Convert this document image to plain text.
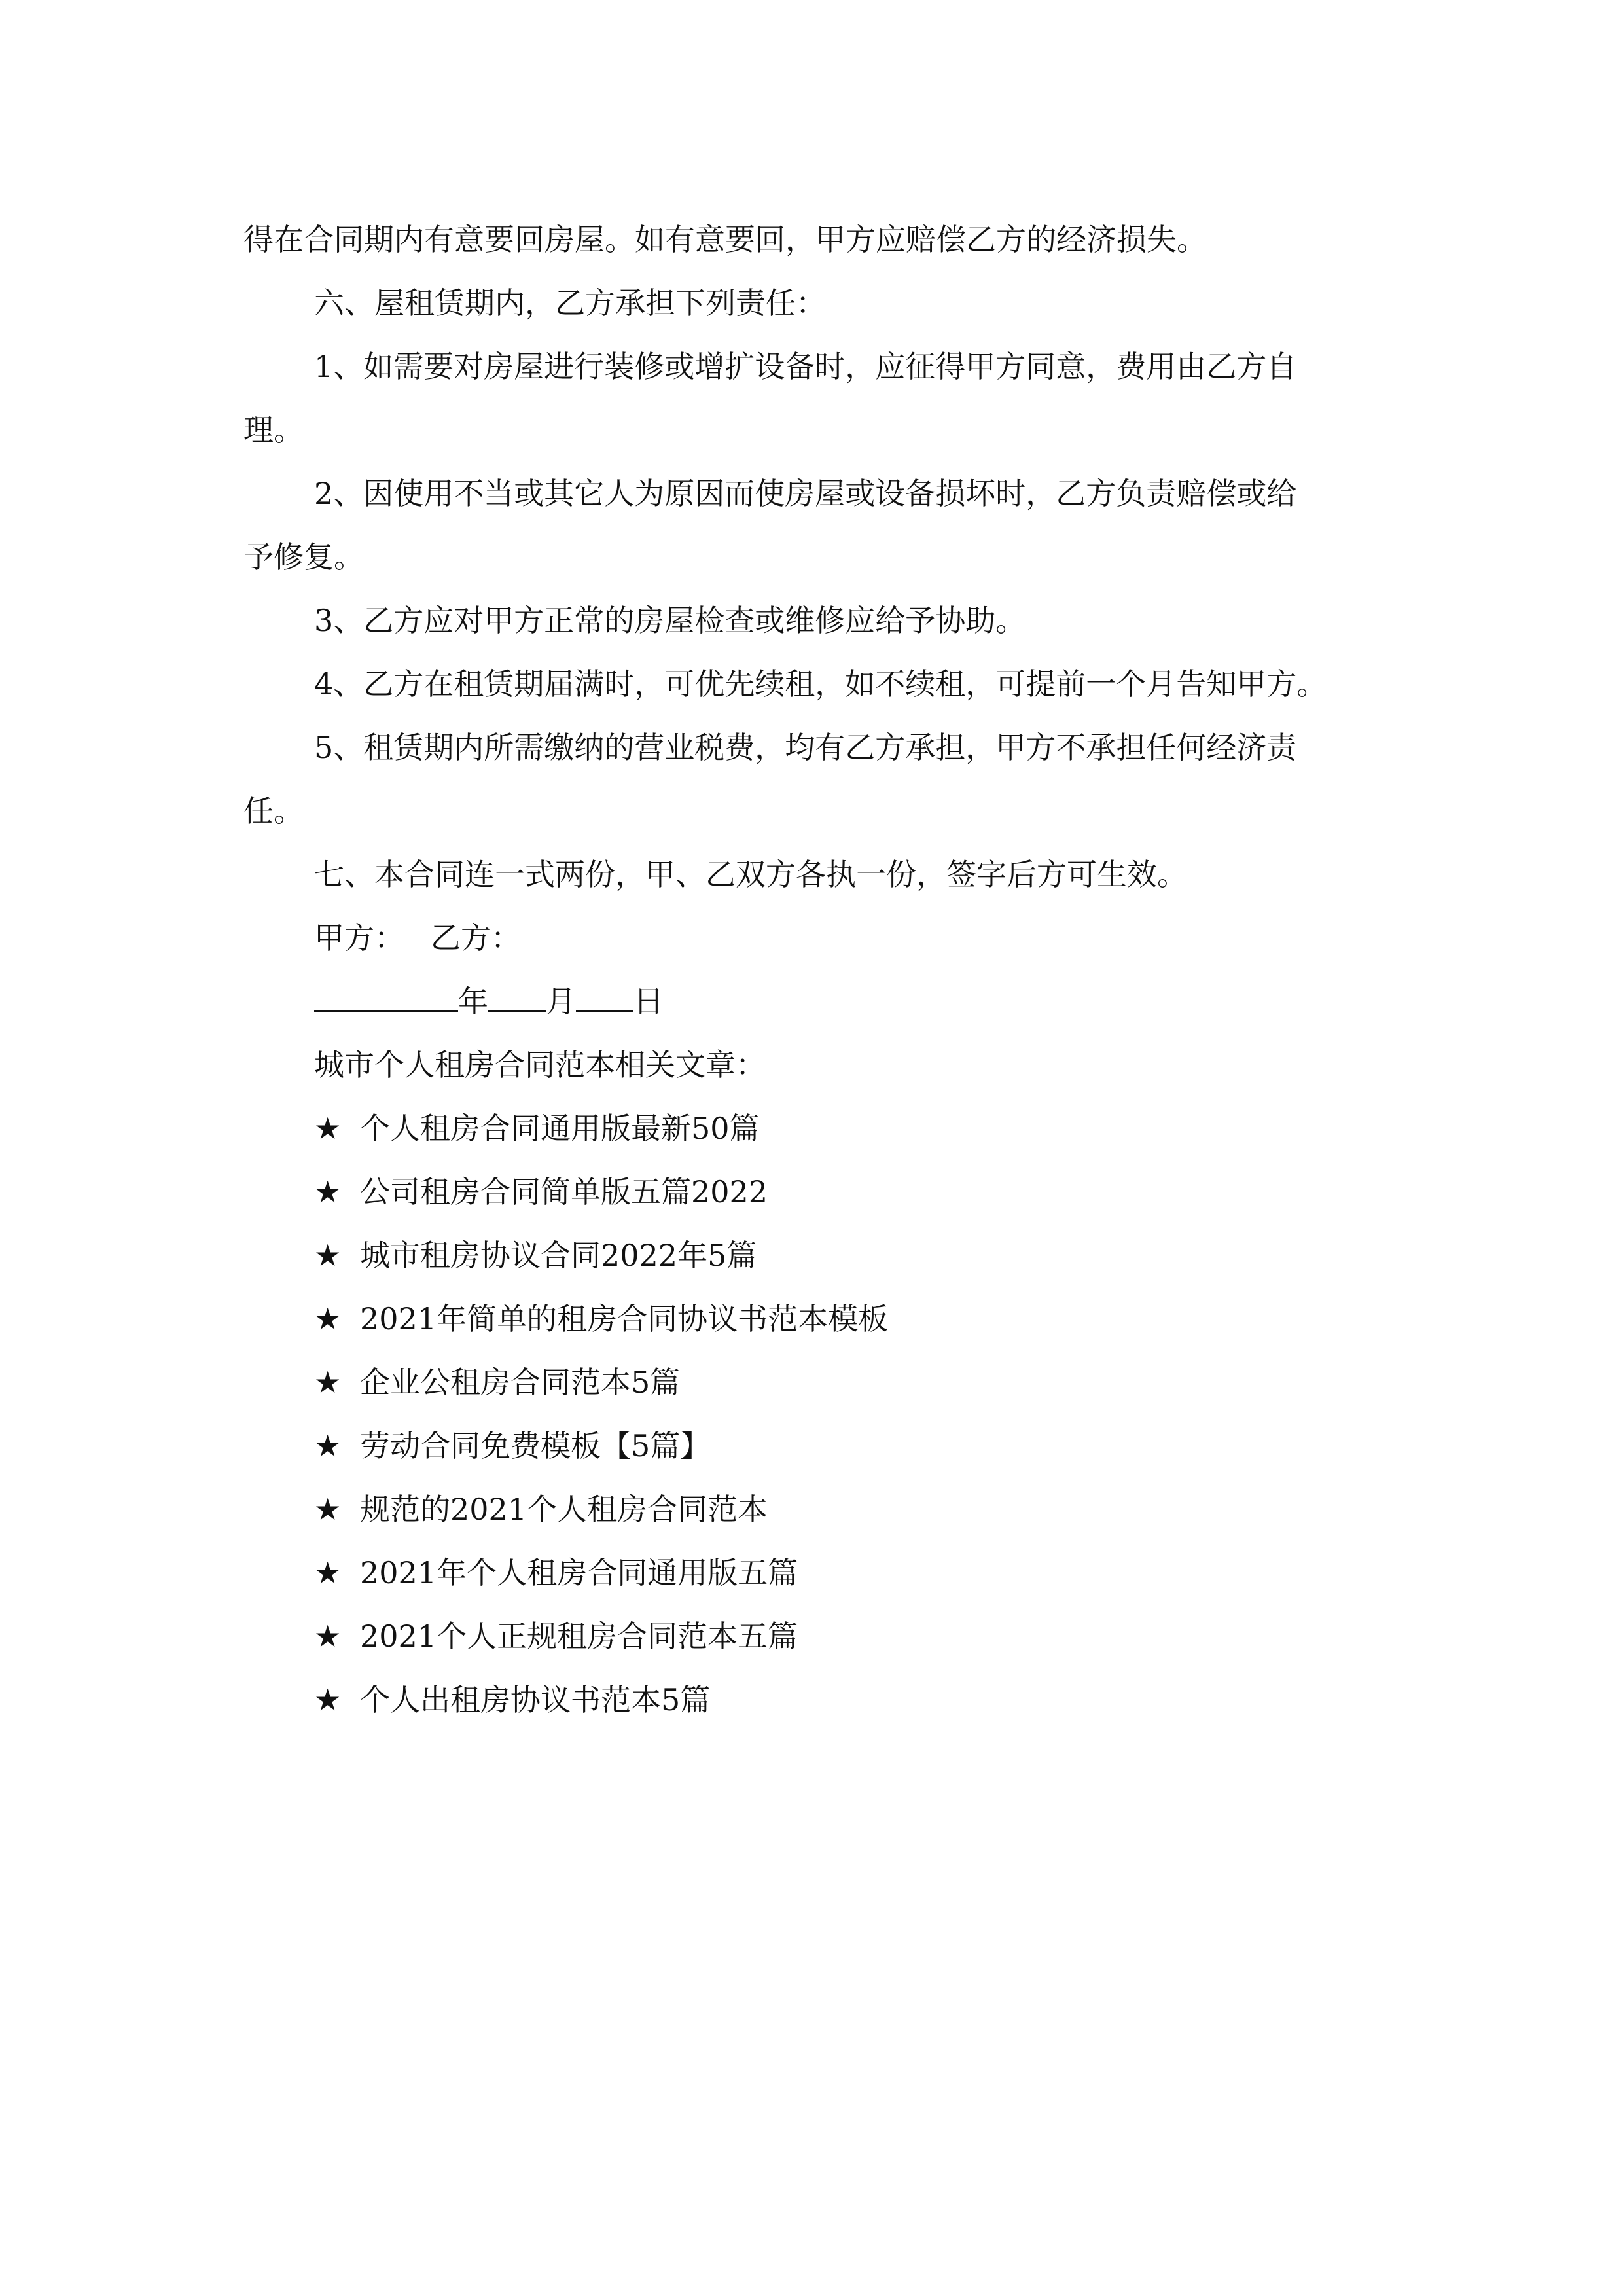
得在合同期内有意要回房屋。如有意要回，甲方应赔偿乙方的经济损失。
六、屋租赁期内，乙方承担下列责任：
1、如需要对房屋进行装修或增扩设备时，应征得甲方同意，费用由乙方自
理。
2、因使用不当或其它人为原因而使房屋或设备损坏时，乙方负责赔偿或给
予修复。
3、乙方应对甲方正常的房屋检查或维修应给予协助。
4、乙方在租赁期届满时，可优先续租，如不续租，可提前一个月告知甲方。
5、租赁期内所需缴纳的营业税费，均有乙方承担，甲方不承担任何经济责
任。
七、本合同连一式两份，甲、乙双方各执一份，签字后方可生效。
甲方： 乙方：
年 月 日
城市个人租房合同范本相关文章：
★ 个人租房合同通用版最新50篇
★ 公司租房合同简单版五篇2022
★ 城市租房协议合同2022年5篇
★ 2021年简单的租房合同协议书范本模板
★ 企业公租房合同范本5篇
★ 劳动合同免费模板【5篇】
★ 规范的2021个人租房合同范本
★ 2021年个人租房合同通用版五篇
★ 2021个人正规租房合同范本五篇
★ 个人出租房协议书范本5篇
